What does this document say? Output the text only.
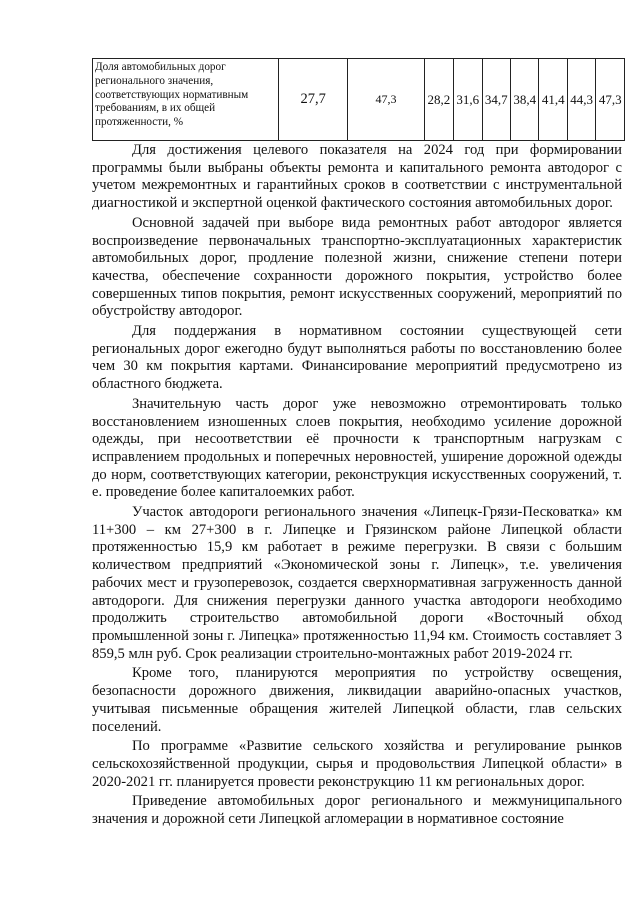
Доля автомобильных дорог регионального значения, соответствующих нормативным требованиям, в их общей протяженности, %	27,7	47,3	28,2	31,6	34,7	38,4	41,4	44,3	47,3

Для достижения целевого показателя на 2024 год при формировании программы были выбраны объекты ремонта и капитального ремонта автодорог с учетом межремонтных и гарантийных сроков в соответствии с инструментальной диагностикой и экспертной оценкой фактического состояния автомобильных дорог.

Основной задачей при выборе вида ремонтных работ автодорог является воспроизведение первоначальных транспортно-эксплуатационных характеристик автомобильных дорог, продление полезной жизни, снижение степени потери качества, обеспечение сохранности дорожного покрытия, устройство более совершенных типов покрытия, ремонт искусственных сооружений, мероприятий по обустройству автодорог.

Для поддержания в нормативном состоянии существующей сети региональных дорог ежегодно будут выполняться работы по восстановлению более чем 30 км покрытия картами. Финансирование мероприятий предусмотрено из областного бюджета.

Значительную часть дорог уже невозможно отремонтировать только восстановлением изношенных слоев покрытия, необходимо усиление дорожной одежды, при несоответствии её прочности к транспортным нагрузкам с исправлением продольных и поперечных неровностей, уширение дорожной одежды до норм, соответствующих категории, реконструкция искусственных сооружений, т. е. проведение более капиталоемких работ.

Участок автодороги регионального значения «Липецк-Грязи-Песковатка» км 11+300 – км 27+300 в г. Липецке и Грязинском районе Липецкой области протяженностью 15,9 км работает в режиме перегрузки. В связи с большим количеством предприятий «Экономической зоны г. Липецк», т.е. увеличения рабочих мест и грузоперевозок, создается сверхнормативная загруженность данной автодороги. Для снижения перегрузки данного участка автодороги необходимо продолжить строительство автомобильной дороги «Восточный обход промышленной зоны г. Липецка» протяженностью 11,94 км. Стоимость составляет 3 859,5 млн руб. Срок реализации строительно-монтажных работ 2019-2024 гг.

Кроме того, планируются мероприятия по устройству освещения, безопасности дорожного движения, ликвидации аварийно-опасных участков, учитывая письменные обращения жителей Липецкой области, глав сельских поселений.

По программе «Развитие сельского хозяйства и регулирование рынков сельскохозяйственной продукции, сырья и продовольствия Липецкой области» в 2020-2021 гг. планируется провести реконструкцию 11 км региональных дорог.

Приведение автомобильных дорог регионального и межмуниципального значения и дорожной сети Липецкой агломерации в нормативное состояние
